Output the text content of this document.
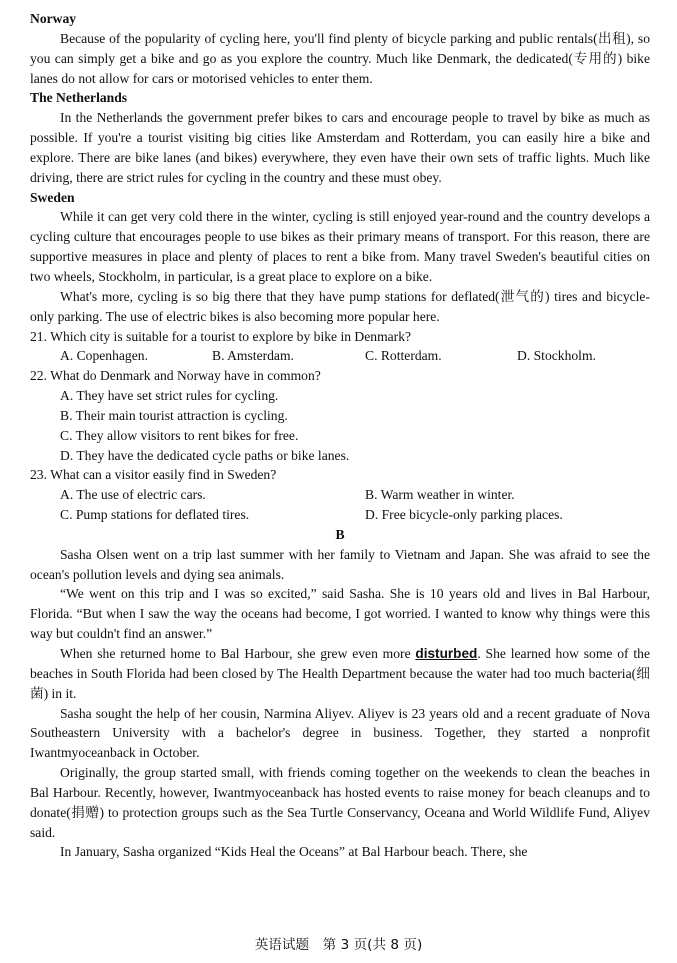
Norway
Because of the popularity of cycling here, you'll find plenty of bicycle parking and public rentals(出租), so you can simply get a bike and go as you explore the country. Much like Denmark, the dedicated(专用的) bike lanes do not allow for cars or motorised vehicles to enter them.
The Netherlands
In the Netherlands the government prefer bikes to cars and encourage people to travel by bike as much as possible. If you're a tourist visiting big cities like Amsterdam and Rotterdam, you can easily hire a bike and explore. There are bike lanes (and bikes) everywhere, they even have their own sets of traffic lights. Much like driving, there are strict rules for cycling in the country and these must obey.
Sweden
While it can get very cold there in the winter, cycling is still enjoyed year-round and the country develops a cycling culture that encourages people to use bikes as their primary means of transport. For this reason, there are supportive measures in place and plenty of places to rent a bike from. Many travel Sweden's beautiful cities on two wheels, Stockholm, in particular, is a great place to explore on a bike.
What's more, cycling is so big there that they have pump stations for deflated(泄气的) tires and bicycle-only parking. The use of electric bikes is also becoming more popular here.
21. Which city is suitable for a tourist to explore by bike in Denmark?
A. Copenhagen.	B. Amsterdam.	C. Rotterdam.	D. Stockholm.
22. What do Denmark and Norway have in common?
A. They have set strict rules for cycling.
B. Their main tourist attraction is cycling.
C. They allow visitors to rent bikes for free.
D. They have the dedicated cycle paths or bike lanes.
23. What can a visitor easily find in Sweden?
A. The use of electric cars.	B. Warm weather in winter.
C. Pump stations for deflated tires.	D. Free bicycle-only parking places.
B
Sasha Olsen went on a trip last summer with her family to Vietnam and Japan. She was afraid to see the ocean's pollution levels and dying sea animals.
“We went on this trip and I was so excited,” said Sasha. She is 10 years old and lives in Bal Harbour, Florida. “But when I saw the way the oceans had become, I got worried. I wanted to know why things were this way but couldn't find an answer.”
When she returned home to Bal Harbour, she grew even more disturbed. She learned how some of the beaches in South Florida had been closed by The Health Department because the water had too much bacteria(细菌) in it.
Sasha sought the help of her cousin, Narmina Aliyev. Aliyev is 23 years old and a recent graduate of Nova Southeastern University with a bachelor's degree in business. Together, they started a nonprofit Iwantmyoceanback in October.
Originally, the group started small, with friends coming together on the weekends to clean the beaches in Bal Harbour. Recently, however, Iwantmyoceanback has hosted events to raise money for beach cleanups and to donate(捐赠) to protection groups such as the Sea Turtle Conservancy, Oceana and World Wildlife Fund, Aliyev said.
In January, Sasha organized “Kids Heal the Oceans” at Bal Harbour beach. There, she
英语试题　第 3 页(共 8 页)
